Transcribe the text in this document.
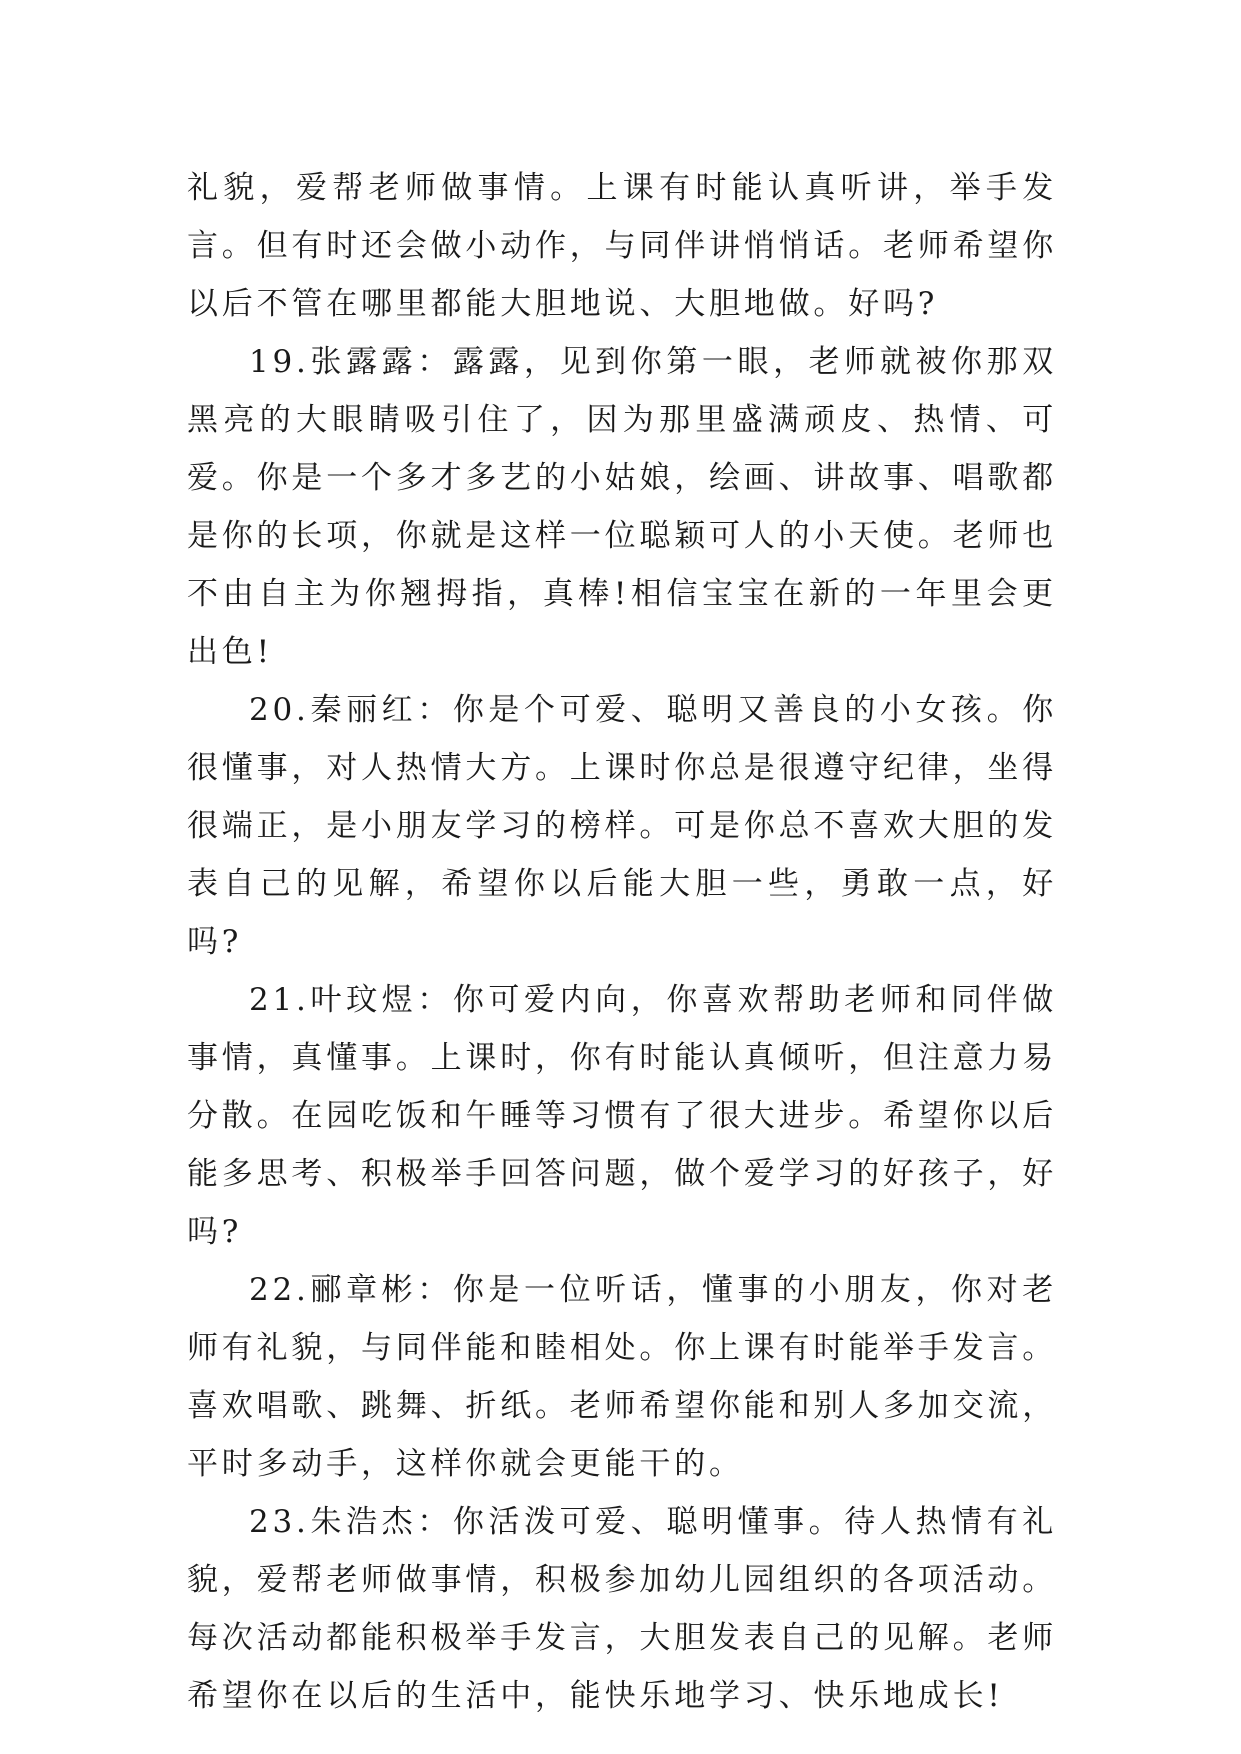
礼貌，爱帮老师做事情。上课有时能认真听讲，举手发言。但有时还会做小动作，与同伴讲悄悄话。老师希望你以后不管在哪里都能大胆地说、大胆地做。好吗?

19.张露露：露露，见到你第一眼，老师就被你那双黑亮的大眼睛吸引住了，因为那里盛满顽皮、热情、可爱。你是一个多才多艺的小姑娘，绘画、讲故事、唱歌都是你的长项，你就是这样一位聪颖可人的小天使。老师也不由自主为你翘拇指，真棒!相信宝宝在新的一年里会更出色!

20.秦丽红：你是个可爱、聪明又善良的小女孩。你很懂事，对人热情大方。上课时你总是很遵守纪律，坐得很端正，是小朋友学习的榜样。可是你总不喜欢大胆的发表自己的见解，希望你以后能大胆一些，勇敢一点，好吗?

21.叶玟煜：你可爱内向，你喜欢帮助老师和同伴做事情，真懂事。上课时，你有时能认真倾听，但注意力易分散。在园吃饭和午睡等习惯有了很大进步。希望你以后能多思考、积极举手回答问题，做个爱学习的好孩子，好吗?

22.郦章彬：你是一位听话，懂事的小朋友，你对老师有礼貌，与同伴能和睦相处。你上课有时能举手发言。喜欢唱歌、跳舞、折纸。老师希望你能和别人多加交流，平时多动手，这样你就会更能干的。

23.朱浩杰：你活泼可爱、聪明懂事。待人热情有礼貌，爱帮老师做事情，积极参加幼儿园组织的各项活动。每次活动都能积极举手发言，大胆发表自己的见解。老师希望你在以后的生活中，能快乐地学习、快乐地成长!
